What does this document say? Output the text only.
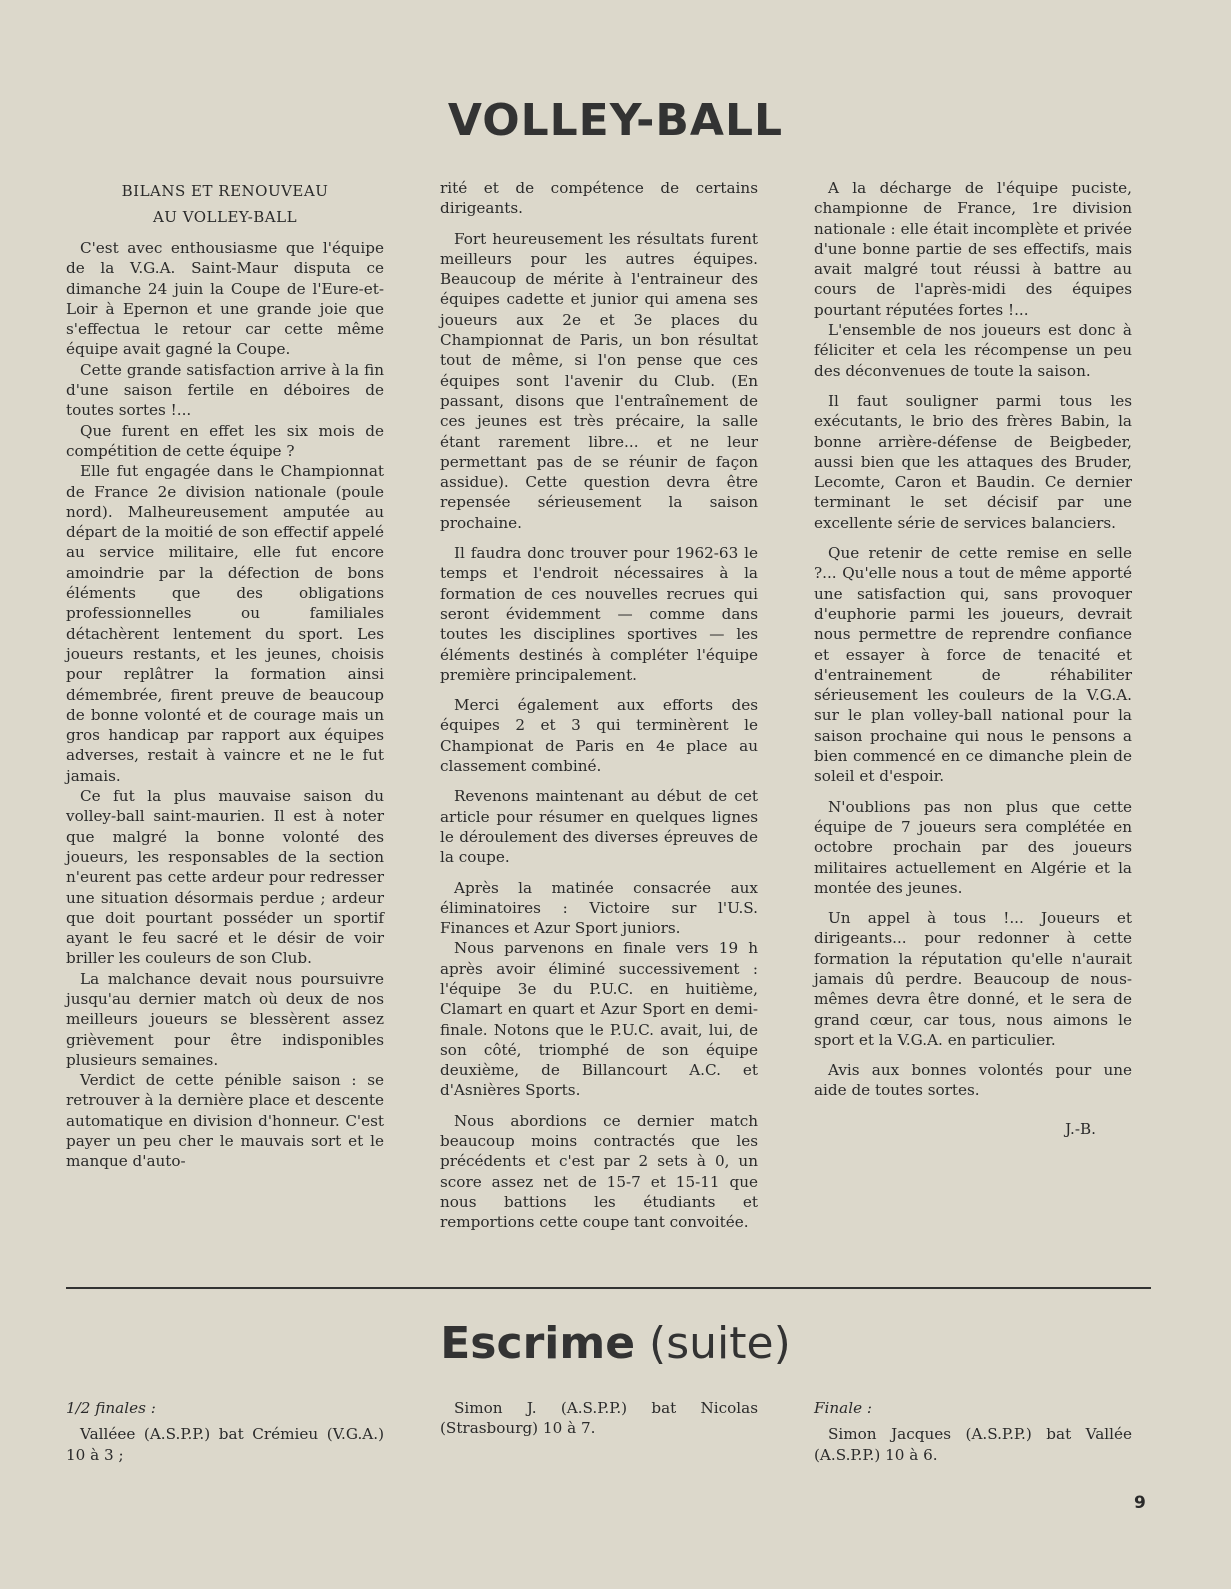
VOLLEY-BALL
BILANS ET RENOUVEAU
AU VOLLEY-BALL

C'est avec enthousiasme que l'équipe de la V.G.A. Saint-Maur disputa ce dimanche 24 juin la Coupe de l'Eure-et-Loir à Epernon et une grande joie que s'effectua le retour car cette même équipe avait gagné la Coupe.

Cette grande satisfaction arrive à la fin d'une saison fertile en déboires de toutes sortes !...

Que furent en effet les six mois de compétition de cette équipe ?

Elle fut engagée dans le Championnat de France 2e division nationale (poule nord). Malheureusement amputée au départ de la moitié de son effectif appelé au service militaire, elle fut encore amoindrie par la défection de bons éléments que des obligations professionnelles ou familiales détachèrent lentement du sport. Les joueurs restants, et les jeunes, choisis pour replâtrer la formation ainsi démembrée, firent preuve de beaucoup de bonne volonté et de courage mais un gros handicap par rapport aux équipes adverses, restait à vaincre et ne le fut jamais.

Ce fut la plus mauvaise saison du volley-ball saint-maurien. Il est à noter que malgré la bonne volonté des joueurs, les responsables de la section n'eurent pas cette ardeur pour redresser une situation désormais perdue ; ardeur que doit pourtant posséder un sportif ayant le feu sacré et le désir de voir briller les couleurs de son Club.

La malchance devait nous poursuivre jusqu'au dernier match où deux de nos meilleurs joueurs se blessèrent assez grièvement pour être indisponibles plusieurs semaines.

Verdict de cette pénible saison : se retrouver à la dernière place et descente automatique en division d'honneur. C'est payer un peu cher le mauvais sort et le manque d'auto-

rité et de compétence de certains dirigeants.

Fort heureusement les résultats furent meilleurs pour les autres équipes. Beaucoup de mérite à l'entraineur des équipes cadette et junior qui amena ses joueurs aux 2e et 3e places du Championnat de Paris, un bon résultat tout de même, si l'on pense que ces équipes sont l'avenir du Club. (En passant, disons que l'entraînement de ces jeunes est très précaire, la salle étant rarement libre... et ne leur permettant pas de se réunir de façon assidue). Cette question devra être repensée sérieusement la saison prochaine.

Il faudra donc trouver pour 1962-63 le temps et l'endroit nécessaires à la formation de ces nouvelles recrues qui seront évidemment — comme dans toutes les disciplines sportives — les éléments destinés à compléter l'équipe première principalement.

Merci également aux efforts des équipes 2 et 3 qui terminèrent le Championat de Paris en 4e place au classement combiné.

Revenons maintenant au début de cet article pour résumer en quelques lignes le déroulement des diverses épreuves de la coupe.

Après la matinée consacrée aux éliminatoires : Victoire sur l'U.S. Finances et Azur Sport juniors.

Nous parvenons en finale vers 19 h après avoir éliminé successivement : l'équipe 3e du P.U.C. en huitième, Clamart en quart et Azur Sport en demi-finale. Notons que le P.U.C. avait, lui, de son côté, triomphé de son équipe deuxième, de Billancourt A.C. et d'Asnières Sports.

Nous abordions ce dernier match beaucoup moins contractés que les précédents et c'est par 2 sets à 0, un score assez net de 15-7 et 15-11 que nous battions les étudiants et remportions cette coupe tant convoitée.

A la décharge de l'équipe puciste, championne de France, 1re division nationale : elle était incomplète et privée d'une bonne partie de ses effectifs, mais avait malgré tout réussi à battre au cours de l'après-midi des équipes pourtant réputées fortes !...

L'ensemble de nos joueurs est donc à féliciter et cela les récompense un peu des déconvenues de toute la saison.

Il faut souligner parmi tous les exécutants, le brio des frères Babin, la bonne arrière-défense de Beigbeder, aussi bien que les attaques des Bruder, Lecomte, Caron et Baudin. Ce dernier terminant le set décisif par une excellente série de services balanciers.

Que retenir de cette remise en selle ?... Qu'elle nous a tout de même apporté une satisfaction qui, sans provoquer d'euphorie parmi les joueurs, devrait nous permettre de reprendre confiance et essayer à force de tenacité et d'entrainement de réhabiliter sérieusement les couleurs de la V.G.A. sur le plan volley-ball national pour la saison prochaine qui nous le pensons a bien commencé en ce dimanche plein de soleil et d'espoir.

N'oublions pas non plus que cette équipe de 7 joueurs sera complétée en octobre prochain par des joueurs militaires actuellement en Algérie et la montée des jeunes.

Un appel à tous !... Joueurs et dirigeants... pour redonner à cette formation la réputation qu'elle n'aurait jamais dû perdre. Beaucoup de nous-mêmes devra être donné, et le sera de grand cœur, car tous, nous aimons le sport et la V.G.A. en particulier.

Avis aux bonnes volontés pour une aide de toutes sortes.

J.-B.
Escrime (suite)
1/2 finales :

Valléee (A.S.P.P.) bat Crémieu (V.G.A.) 10 à 3 ;

Simon J. (A.S.P.P.) bat Nicolas (Strasbourg) 10 à 7.

Finale :

Simon Jacques (A.S.P.P.) bat Vallée (A.S.P.P.) 10 à 6.

9
